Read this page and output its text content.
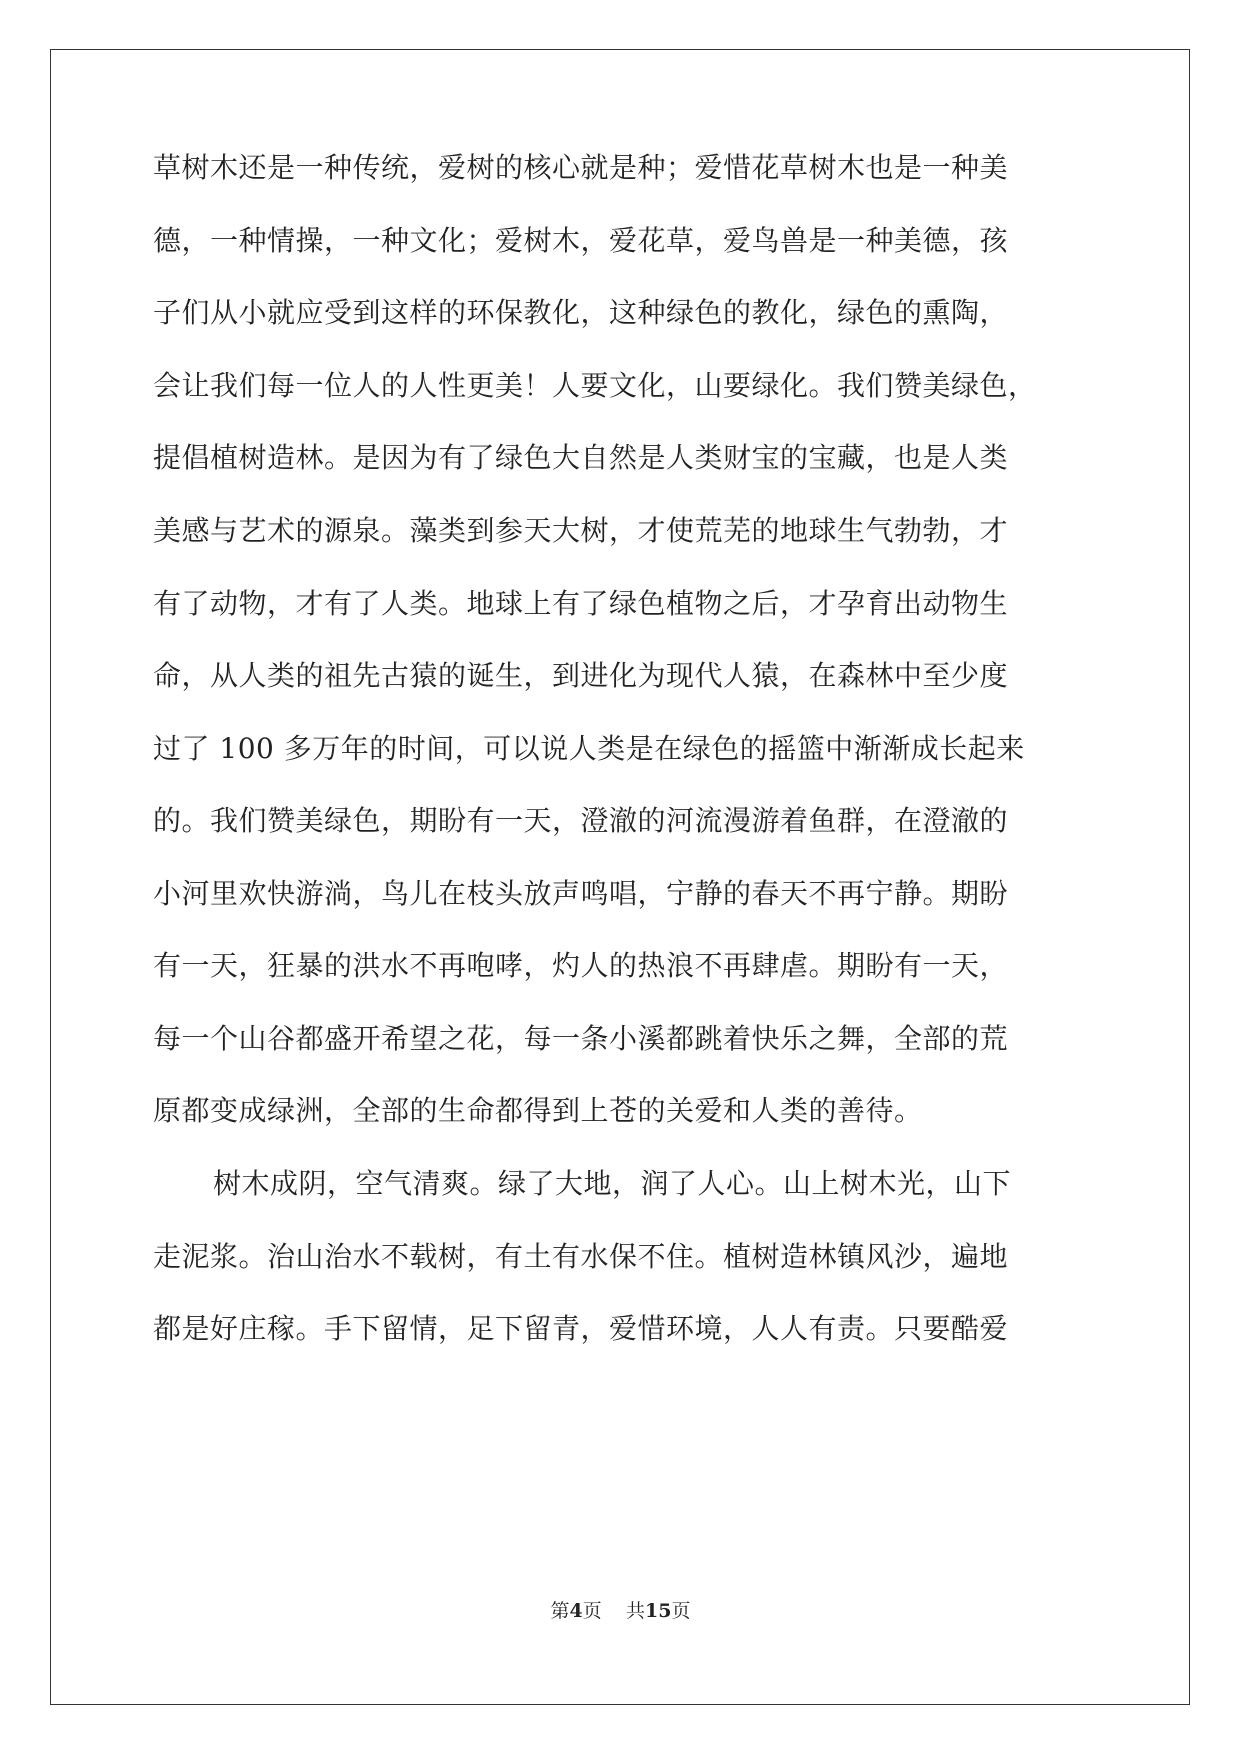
草树木还是一种传统，爱树的核心就是种；爱惜花草树木也是一种美
德，一种情操，一种文化；爱树木，爱花草，爱鸟兽是一种美德，孩
子们从小就应受到这样的环保教化，这种绿色的教化，绿色的熏陶，
会让我们每一位人的人性更美！人要文化，山要绿化。我们赞美绿色，
提倡植树造林。是因为有了绿色大自然是人类财宝的宝藏，也是人类
美感与艺术的源泉。藻类到参天大树，才使荒芜的地球生气勃勃，才
有了动物，才有了人类。地球上有了绿色植物之后，才孕育出动物生
命，从人类的祖先古猿的诞生，到进化为现代人猿，在森林中至少度
过了 100 多万年的时间，可以说人类是在绿色的摇篮中渐渐成长起来
的。我们赞美绿色，期盼有一天，澄澈的河流漫游着鱼群，在澄澈的
小河里欢快游淌，鸟儿在枝头放声鸣唱，宁静的春天不再宁静。期盼
有一天，狂暴的洪水不再咆哮，灼人的热浪不再肆虐。期盼有一天，
每一个山谷都盛开希望之花，每一条小溪都跳着快乐之舞，全部的荒
原都变成绿洲，全部的生命都得到上苍的关爱和人类的善待。
树木成阴，空气清爽。绿了大地，润了人心。山上树木光，山下
走泥浆。治山治水不载树，有土有水保不住。植树造林镇风沙，遍地
都是好庄稼。手下留情，足下留青，爱惜环境，人人有责。只要酷爱
第4页 共15页
